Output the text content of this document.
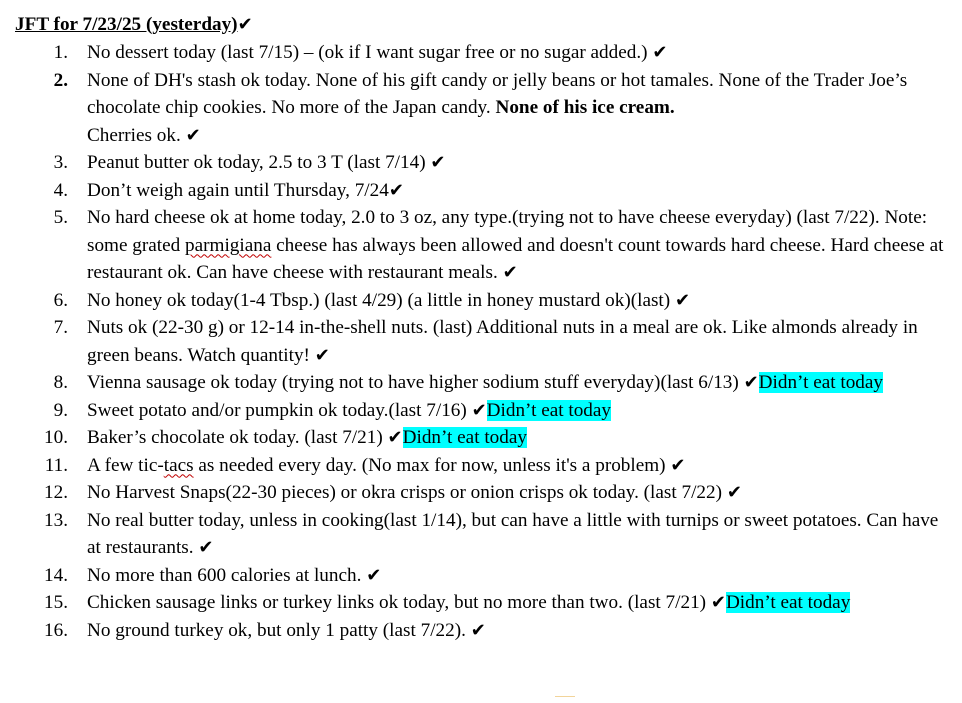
JFT for 7/23/25 (yesterday)✔
1. No dessert today (last 7/15) – (ok if I want sugar free or no sugar added.) ✔
2. None of DH's stash ok today. None of his gift candy or jelly beans or hot tamales. None of the Trader Joe’s chocolate chip cookies. No more of the Japan candy. None of his ice cream.
Cherries ok. ✔
3. Peanut butter ok today, 2.5 to 3 T (last 7/14) ✔
4. Don’t weigh again until Thursday, 7/24✔
5. No hard cheese ok at home today, 2.0 to 3 oz, any type.(trying not to have cheese everyday) (last 7/22). Note: some grated parmigiana cheese has always been allowed and doesn't count towards hard cheese. Hard cheese at restaurant ok. Can have cheese with restaurant meals. ✔
6. No honey ok today(1-4 Tbsp.) (last 4/29) (a little in honey mustard ok)(last) ✔
7. Nuts ok (22-30 g) or 12-14 in-the-shell nuts. (last) Additional nuts in a meal are ok. Like almonds already in green beans. Watch quantity! ✔
8. Vienna sausage ok today (trying not to have higher sodium stuff everyday)(last 6/13) ✔Didn’t eat today
9. Sweet potato and/or pumpkin ok today.(last 7/16) ✔Didn’t eat today
10. Baker’s chocolate ok today. (last 7/21) ✔Didn’t eat today
11. A few tic-tacs as needed every day. (No max for now, unless it's a problem) ✔
12. No Harvest Snaps(22-30 pieces) or okra crisps or onion crisps ok today. (last 7/22) ✔
13. No real butter today, unless in cooking(last 1/14), but can have a little with turnips or sweet potatoes. Can have at restaurants. ✔
14. No more than 600 calories at lunch. ✔
15. Chicken sausage links or turkey links ok today, but no more than two. (last 7/21) ✔Didn’t eat today
16. No ground turkey ok, but only 1 patty (last 7/22). ✔
